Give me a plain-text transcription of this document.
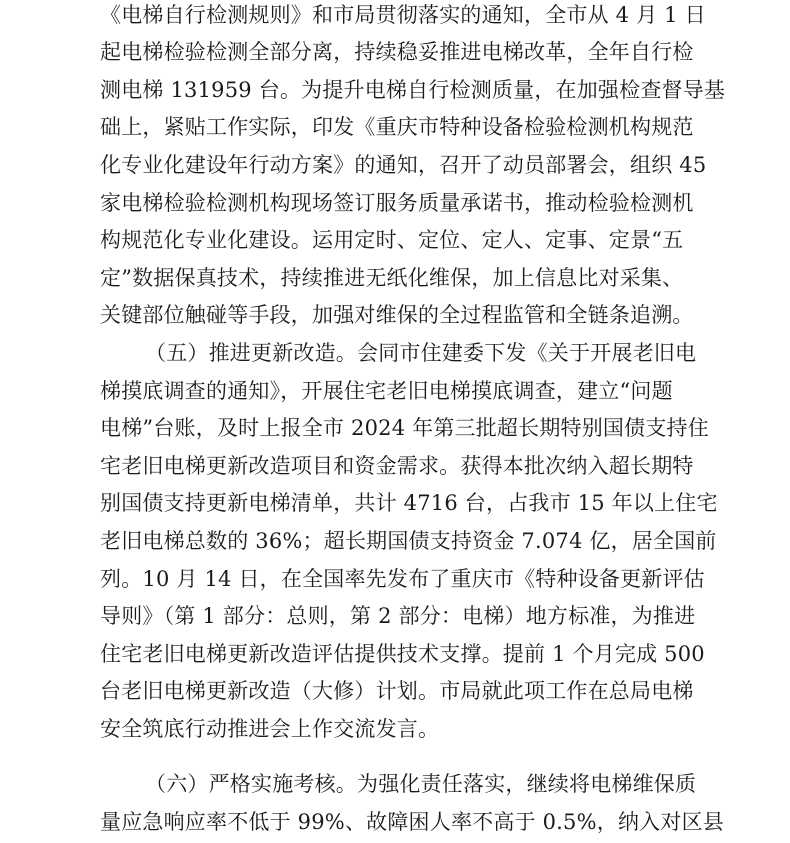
《电梯自行检测规则》和市局贯彻落实的通知，全市从 4 月 1 日
起电梯检验检测全部分离，持续稳妥推进电梯改革，全年自行检
测电梯 131959 台。为提升电梯自行检测质量，在加强检查督导基
础上，紧贴工作实际，印发《重庆市特种设备检验检测机构规范
化专业化建设年行动方案》的通知，召开了动员部署会，组织 45
家电梯检验检测机构现场签订服务质量承诺书，推动检验检测机
构规范化专业化建设。运用定时、定位、定人、定事、定景“五
定”数据保真技术，持续推进无纸化维保，加上信息比对采集、
关键部位触碰等手段，加强对维保的全过程监管和全链条追溯。
（五）推进更新改造。会同市住建委下发《关于开展老旧电
梯摸底调查的通知》，开展住宅老旧电梯摸底调查，建立“问题
电梯”台账，及时上报全市 2024 年第三批超长期特别国债支持住
宅老旧电梯更新改造项目和资金需求。获得本批次纳入超长期特
别国债支持更新电梯清单，共计 4716 台，占我市 15 年以上住宅
老旧电梯总数的 36%；超长期国债支持资金 7.074 亿，居全国前
列。10 月 14 日，在全国率先发布了重庆市《特种设备更新评估
导则》（第 1 部分：总则，第 2 部分：电梯）地方标准，为推进
住宅老旧电梯更新改造评估提供技术支撑。提前 1 个月完成 500
台老旧电梯更新改造（大修）计划。市局就此项工作在总局电梯
安全筑底行动推进会上作交流发言。
（六）严格实施考核。为强化责任落实，继续将电梯维保质
量应急响应率不低于 99%、故障困人率不高于 0.5%，纳入对区县
